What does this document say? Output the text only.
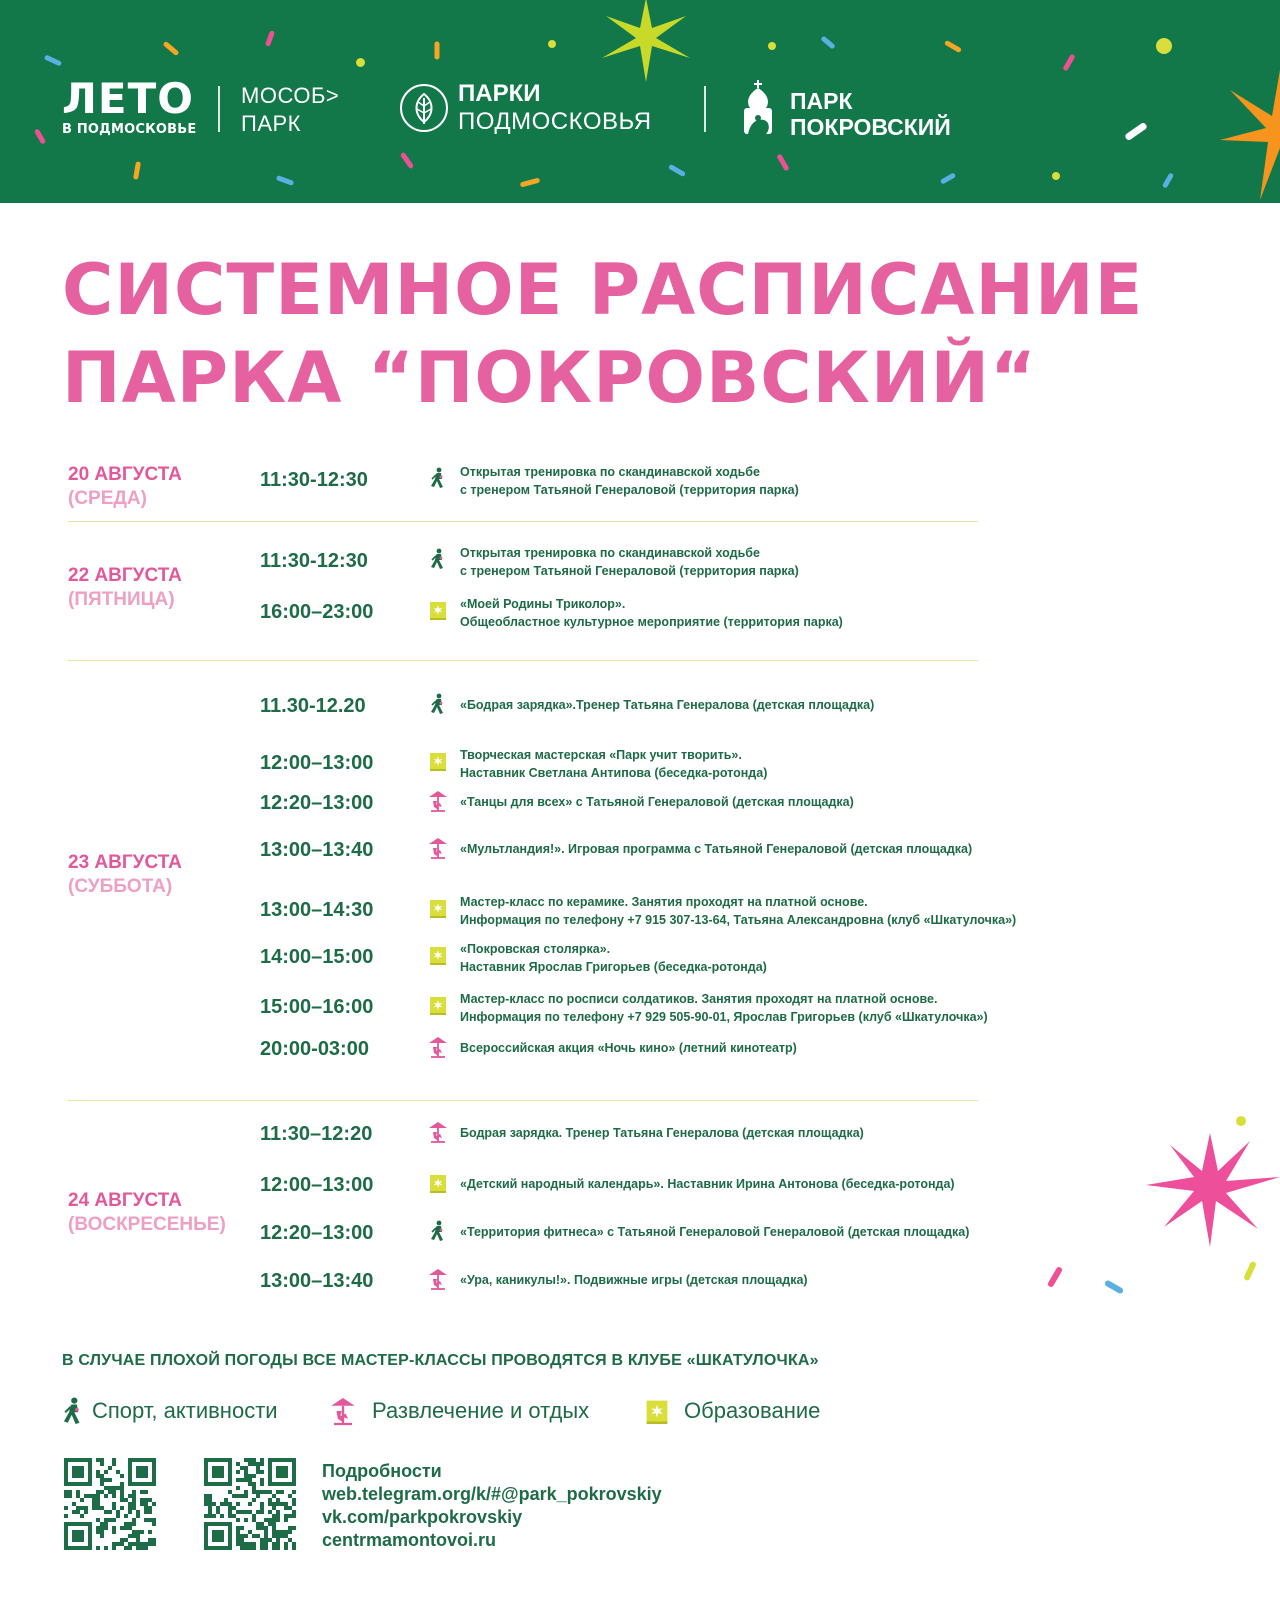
ЛЕТО
В ПОДМОСКОВЬЕ
МОСОБ>
ПАРК
ПАРКИ
ПОДМОСКОВЬЯ
ПАРК
ПОКРОВСКИЙ
СИСТЕМНОЕ РАСПИСАНИЕ
ПАРКА “ПОКРОВСКИЙ“
20 АВГУСТА
(СРЕДА)
11:30-12:30	Открытая тренировка по скандинавской ходьбе
с тренером Татьяной Генераловой (территория парка)
22 АВГУСТА
(ПЯТНИЦА)
11:30-12:30	Открытая тренировка по скандинавской ходьбе
с тренером Татьяной Генераловой (территория парка)
16:00–23:00	«Моей Родины Триколор».
Общеобластное культурное мероприятие (территория парка)
23 АВГУСТА
(СУББОТА)
11.30-12.20	«Бодрая зарядка».Тренер Татьяна Генералова (детская площадка)
12:00–13:00	Творческая мастерская «Парк учит творить».
Наставник Светлана Антипова (беседка-ротонда)
12:20–13:00	«Танцы для всех» с Татьяной Генераловой (детская площадка)
13:00–13:40	«Мультландия!». Игровая программа с Татьяной Генераловой (детская площадка)
13:00–14:30	Мастер-класс по керамике. Занятия проходят на платной основе.
Информация по телефону +7 915 307-13-64, Татьяна Александровна (клуб «Шкатулочка»)
14:00–15:00	«Покровская столярка».
Наставник Ярослав Григорьев (беседка-ротонда)
15:00–16:00	Мастер-класс по росписи солдатиков. Занятия проходят на платной основе.
Информация по телефону +7 929 505-90-01, Ярослав Григорьев (клуб «Шкатулочка»)
20:00-03:00	Всероссийская акция «Ночь кино» (летний кинотеатр)
24 АВГУСТА
(ВОСКРЕСЕНЬЕ)
11:30–12:20	Бодрая зарядка. Тренер Татьяна Генералова (детская площадка)
12:00–13:00	«Детский народный календарь». Наставник Ирина Антонова (беседка-ротонда)
12:20–13:00	«Территория фитнеса» с Татьяной Генераловой Генераловой (детская площадка)
13:00–13:40	«Ура, каникулы!». Подвижные игры (детская площадка)
В СЛУЧАЕ ПЛОХОЙ ПОГОДЫ ВСЕ МАСТЕР-КЛАССЫ ПРОВОДЯТСЯ В КЛУБЕ «ШКАТУЛОЧКА»
Спорт, активности	Развлечение и отдых	Образование
Подробности
web.telegram.org/k/#@park_pokrovskiy
vk.com/parkpokrovskiy
centrmamontovoi.ru
